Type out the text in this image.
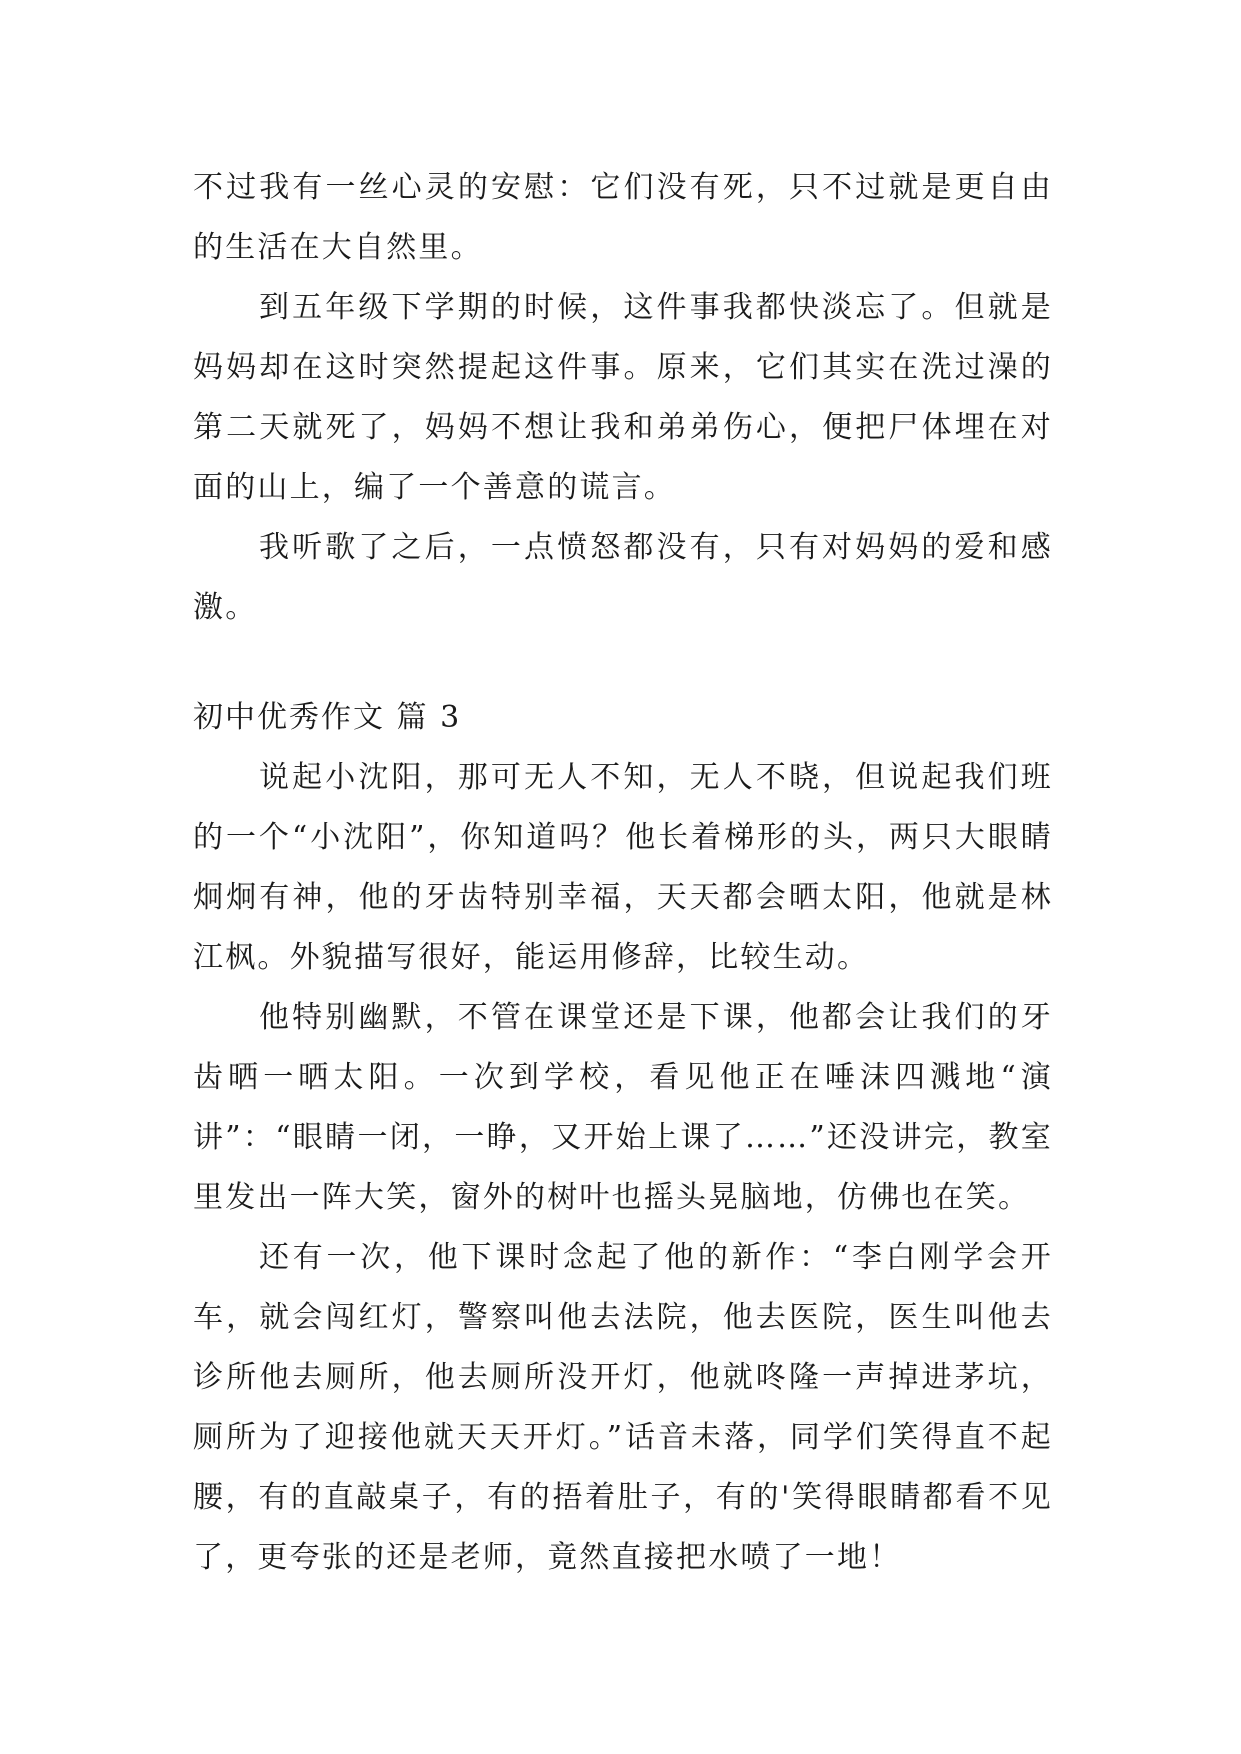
不过我有一丝心灵的安慰：它们没有死，只不过就是更自由的生活在大自然里。

到五年级下学期的时候，这件事我都快淡忘了。但就是妈妈却在这时突然提起这件事。原来，它们其实在洗过澡的第二天就死了，妈妈不想让我和弟弟伤心，便把尸体埋在对面的山上，编了一个善意的谎言。

我听歌了之后，一点愤怒都没有，只有对妈妈的爱和感激。

初中优秀作文 篇 3

说起小沈阳，那可无人不知，无人不晓，但说起我们班的一个“小沈阳”，你知道吗？他长着梯形的头，两只大眼睛炯炯有神，他的牙齿特别幸福，天天都会晒太阳，他就是林江枫。外貌描写很好，能运用修辞，比较生动。

他特别幽默，不管在课堂还是下课，他都会让我们的牙齿晒一晒太阳。一次到学校，看见他正在唾沫四溅地“演讲”：“眼睛一闭，一睁，又开始上课了……”还没讲完，教室里发出一阵大笑，窗外的树叶也摇头晃脑地，仿佛也在笑。

还有一次，他下课时念起了他的新作：“李白刚学会开车，就会闯红灯，警察叫他去法院，他去医院，医生叫他去诊所他去厕所，他去厕所没开灯，他就咚隆一声掉进茅坑，厕所为了迎接他就天天开灯。”话音未落，同学们笑得直不起腰，有的直敲桌子，有的捂着肚子，有的'笑得眼睛都看不见了，更夸张的还是老师，竟然直接把水喷了一地！
